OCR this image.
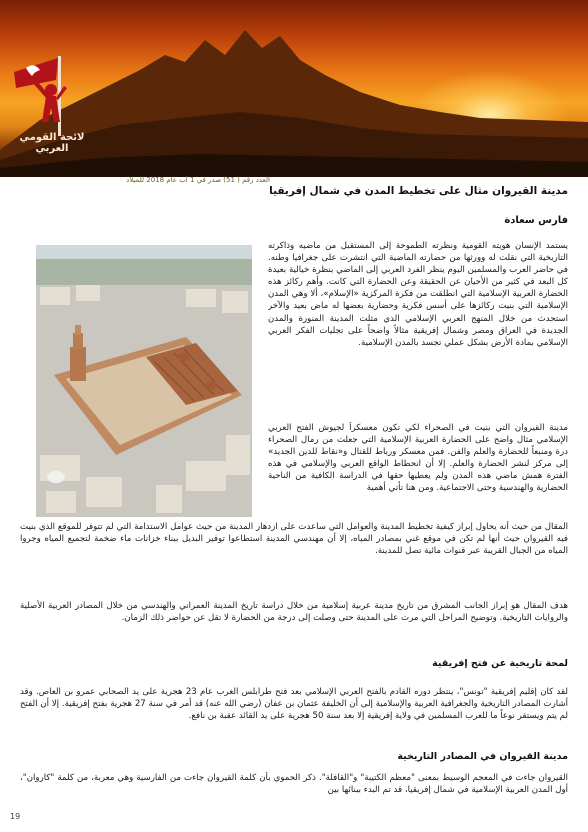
لائحة القومي العربي
العدد رقم ( 51) صدر في 1 آب عام 2018 للميلاد
مدينة القيروان مثال على تخطيط المدن في شمال إفريقيا
فارس سعادة
يستمد الإنسان هويته القومية ونظرته الطموحة إلى المستقبل من ماضيه وذاكرته التاريخية التي نقلت له وورثها من حضارته الماضية التي انتشرت على جغرافيا وطنه. في حاضر العرب والمسلمين اليوم ينظر الفرد العربي إلى الماضي بنظرة خيالية بعيدة كل البعد في كثير من الأحيان عن الحقيقة وعن الحضارة التي كانت. وأهم ركائز هذه الحضارة العربية الإسلامية التي انطلقت من فكرة المركزية «الإسلام»، ألا وهي المدن الإسلامية التي بنيت ركائزها على أسس فكرية وحضارية بعضها له ماض بعيد والآخر استحدث من خلال المنهج العربي الإسلامي الذي مثلت المدينة المنورة والمدن الجديدة في العراق ومصر وشمال إفريقية مثالاً واضحاً على تجليات الفكر العربي الإسلامي بمادة الأرض بشكل عملي تجسد بالمدن الإسلامية.
مدينة القيروان التي بنيت في الصحراء لكي تكون معسكراً لجيوش الفتح العربي الإسلامي مثال واضح على الحضارة العربية الإسلامية التي جعلت من رمال الصحراء درة ومنبعاً للحضارة والعلم والفن. فمن معسكر ورباط للقتال و«نقاط للدين الجديد» إلى مركز لنشر الحضارة والعلم. إلا أن انحطاط الواقع العربي والإسلامي في هذه الفترة همش ماضي هذه المدن ولم يعطيها حقها في الدراسة الكافية من الناحية الحضارية والهندسية وحتى الاجتماعية. ومن هنا تأتي أهمية
المقال من حيث أنه يحاول إبراز كيفية تخطيط المدينة والعوامل التي ساعدت على ازدهار المدينة من حيث عوامل الاستدامة التي لم تتوفر للموقع الذي بنيت فيه القيروان حيث أنها لم تكن في موقع غني بمصادر المياه، إلا أن مهندسي المدينة استطاعوا توفير البديل ببناء خزانات ماء ضخمة لتجميع المياه وجروا المياه من الجبال القريبة عبر قنوات مائية تصل للمدينة.
هدف المقال هو إبراز الجانب المشرق من تاريخ مدينة عربية إسلامية من خلال دراسة تاريخ المدينة العمراني والهندسي من خلال المصادر العربية الأصلية والروايات التاريخية. وتوضيح المراحل التي مرت على المدينة حتى وصلت إلى درجة من الحضارة لا تقل عن حواضر ذلك الزمان.
لمحة تاريخية عن فتح إفريقية
لقد كان إقليم إفريقية "تونس"، ينتظر دوره القادم بالفتح العربي الإسلامي بعد فتح طرابلس الغرب عام 23 هجرية على يد الصحابي عمرو بن العاص. وقد أشارت المصادر التاريخية والجغرافية العربية والإسلامية إلى أن الخليفة عثمان بن عفان (رضي الله عنه) قد أمر في سنة 27 هجرية بفتح إفريقية. إلا أن الفتح لم يتم ويستقر نوعاً ما للعرب المسلمين في ولاية إفريقية إلا بعد سنة 50 هجرية على يد القائد عقبة بن نافع.
مدينة القيروان في المصادر التاريخية
القيروان جاءت في المعجم الوسيط بمعنى "معظم الكتيبة" و"القافلة". ذكر الحموي بأن كلمة القيروان جاءت من الفارسية وهي معربة، من كلمة "كاروان"، أول المدن العربية الإسلامية في شمال إفريقيا، قد تم البدء ببنائها بين
19
